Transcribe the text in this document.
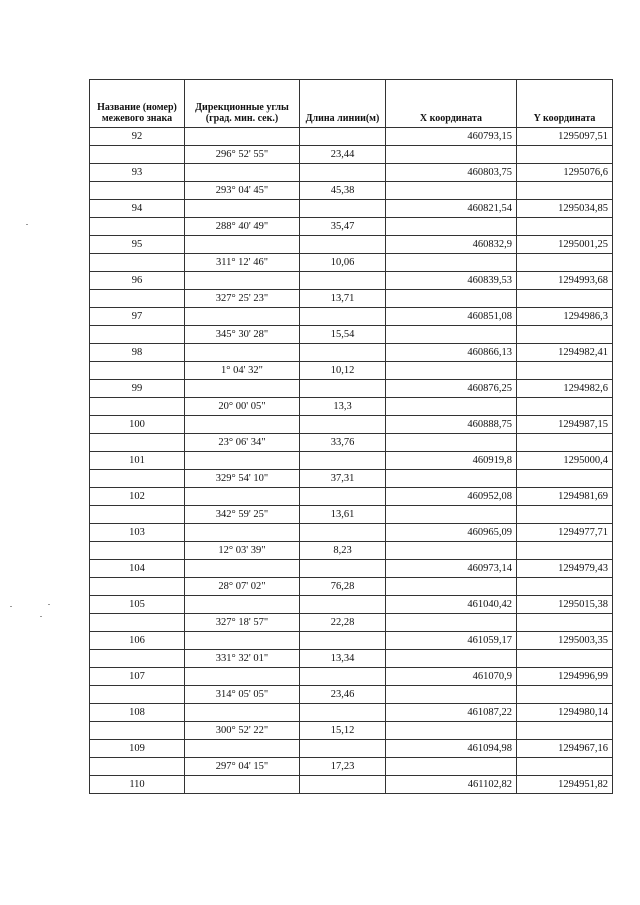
Название (номер) межевого знака	Дирекционные углы (град. мин. сек.)	Длина линии(м)	X координата	Y координата
92			460793,15	1295097,51
	296° 52' 55"	23,44		
93			460803,75	1295076,6
	293° 04' 45"	45,38		
94			460821,54	1295034,85
	288° 40' 49"	35,47		
95			460832,9	1295001,25
	311° 12' 46"	10,06		
96			460839,53	1294993,68
	327° 25' 23"	13,71		
97			460851,08	1294986,3
	345° 30' 28"	15,54		
98			460866,13	1294982,41
	1° 04' 32"	10,12		
99			460876,25	1294982,6
	20° 00' 05"	13,3		
100			460888,75	1294987,15
	23° 06' 34"	33,76		
101			460919,8	1295000,4
	329° 54' 10"	37,31		
102			460952,08	1294981,69
	342° 59' 25"	13,61		
103			460965,09	1294977,71
	12° 03' 39"	8,23		
104			460973,14	1294979,43
	28° 07' 02"	76,28		
105			461040,42	1295015,38
	327° 18' 57"	22,28		
106			461059,17	1295003,35
	331° 32' 01"	13,34		
107			461070,9	1294996,99
	314° 05' 05"	23,46		
108			461087,22	1294980,14
	300° 52' 22"	15,12		
109			461094,98	1294967,16
	297° 04' 15"	17,23		
110			461102,82	1294951,82
